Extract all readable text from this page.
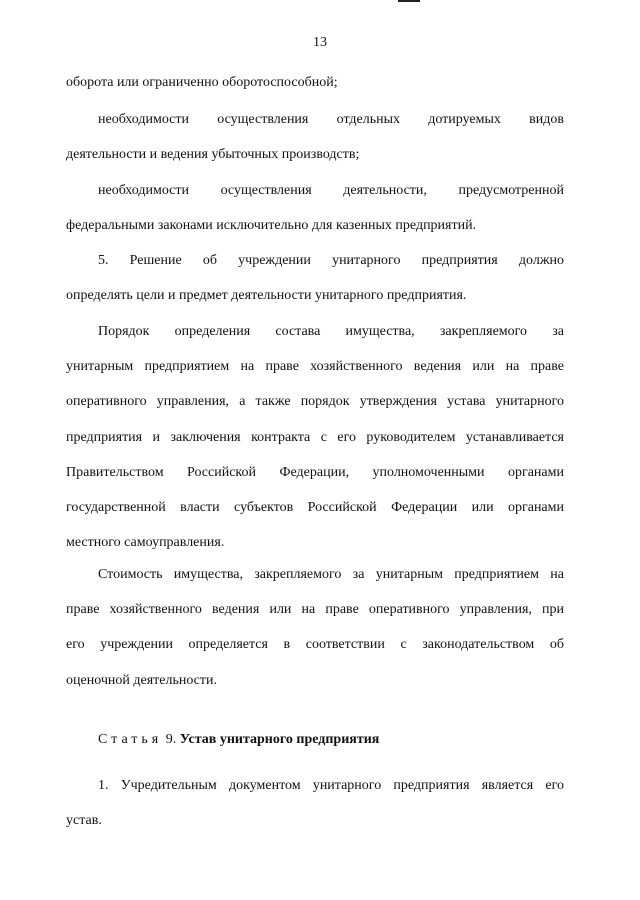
13
оборота или ограниченно оборотоспособной;
необходимости осуществления отдельных дотируемых видов
деятельности и ведения убыточных производств;
необходимости осуществления деятельности, предусмотренной
федеральными законами исключительно для казенных предприятий.
5. Решение об учреждении унитарного предприятия должно
определять цели и предмет деятельности унитарного предприятия.
Порядок определения состава имущества, закрепляемого за
унитарным предприятием на праве хозяйственного ведения или на праве
оперативного управления, а также порядок утверждения устава унитарного
предприятия и заключения контракта с его руководителем устанавливается
Правительством Российской Федерации, уполномоченными органами
государственной власти субъектов Российской Федерации или органами
местного самоуправления.
Стоимость имущества, закрепляемого за унитарным предприятием на
праве хозяйственного ведения или на праве оперативного управления, при
его учреждении определяется в соответствии с законодательством об
оценочной деятельности.
Статья 9. Устав унитарного предприятия
1. Учредительным документом унитарного предприятия является его
устав.
